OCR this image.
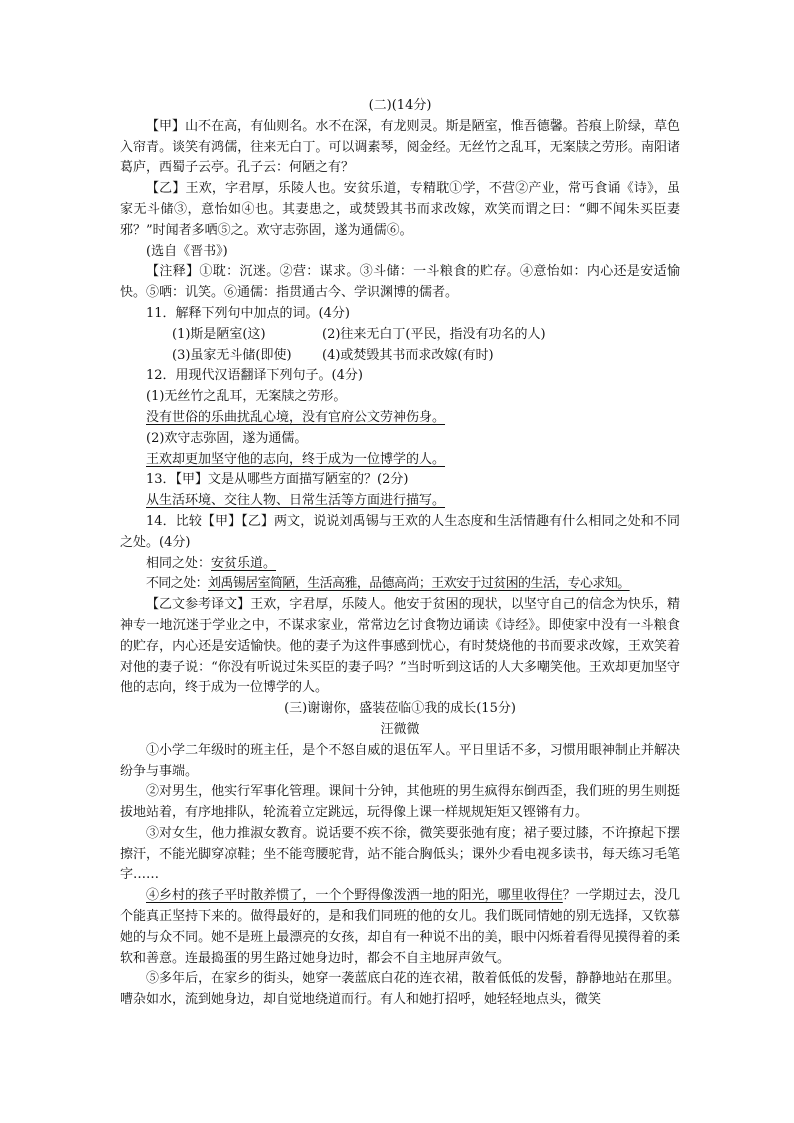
(二)(14分)

【甲】山不在高，有仙则名。水不在深，有龙则灵。斯是陋室，惟吾德馨。苔痕上阶绿，草色入帘青。谈笑有鸿儒，往来无白丁。可以调素琴，阅金经。无丝竹之乱耳，无案牍之劳形。南阳诸葛庐，西蜀子云亭。孔子云：何陋之有？

【乙】王欢，字君厚，乐陵人也。安贫乐道，专精耽①学，不营②产业，常丐食诵《诗》，虽家无斗储③，意怡如④也。其妻患之，或焚毁其书而求改嫁，欢笑而谓之曰：“卿不闻朱买臣妻邪？”时闻者多哂⑤之。欢守志弥固，遂为通儒⑥。

(选自《晋书》)

【注释】①耽：沉迷。②营：谋求。③斗储：一斗粮食的贮存。④意怡如：内心还是安适愉快。⑤哂：讥笑。⑥通儒：指贯通古今、学识渊博的儒者。

11．解释下列句中加点的词。(4分)

(1)斯是陋室(这)	(2)往来无白丁(平民，指没有功名的人)

(3)虽家无斗储(即使) (4)或焚毁其书而求改嫁(有时)

12．用现代汉语翻译下列句子。(4分)

(1)无丝竹之乱耳，无案牍之劳形。

没有世俗的乐曲扰乱心境，没有官府公文劳神伤身。

(2)欢守志弥固，遂为通儒。

王欢却更加坚守他的志向，终于成为一位博学的人。

13．【甲】文是从哪些方面描写陋室的？(2分)

从生活环境、交往人物、日常生活等方面进行描写。

14．比较【甲】【乙】两文，说说刘禹锡与王欢的人生态度和生活情趣有什么相同之处和不同之处。(4分)

相同之处：安贫乐道。

不同之处：刘禹锡居室简陋，生活高雅，品德高尚；王欢安于过贫困的生活，专心求知。

【乙文参考译文】王欢，字君厚，乐陵人。他安于贫困的现状，以坚守自己的信念为快乐，精神专一地沉迷于学业之中，不谋求家业，常常边乞讨食物边诵读《诗经》。即使家中没有一斗粮食的贮存，内心还是安适愉快。他的妻子为这件事感到忧心，有时焚烧他的书而要求改嫁，王欢笑着对他的妻子说：“你没有听说过朱买臣的妻子吗？”当时听到这话的人大多嘲笑他。王欢却更加坚守他的志向，终于成为一位博学的人。

(三)谢谢你，盛装莅临①我的成长(15分)

汪微微

①小学二年级时的班主任，是个不怒自威的退伍军人。平日里话不多，习惯用眼神制止并解决纷争与事端。

②对男生，他实行军事化管理。课间十分钟，其他班的男生疯得东倒西歪，我们班的男生则挺拔地站着，有序地排队，轮流着立定跳远，玩得像上课一样规规矩矩又铿锵有力。

③对女生，他力推淑女教育。说话要不疾不徐，微笑要张弛有度；裙子要过膝，不许撩起下摆擦汗，不能光脚穿凉鞋；坐不能弯腰驼背，站不能合胸低头；课外少看电视多读书，每天练习毛笔字……

④乡村的孩子平时散养惯了，一个个野得像泼洒一地的阳光，哪里收得住？一学期过去，没几个能真正坚持下来的。做得最好的，是和我们同班的他的女儿。我们既同情她的别无选择，又钦慕她的与众不同。她不是班上最漂亮的女孩，却自有一种说不出的美，眼中闪烁着看得见摸得着的柔软和善意。连最捣蛋的男生路过她身边时，都会不自主地屏声敛气。

⑤多年后，在家乡的街头，她穿一袭蓝底白花的连衣裙，散着低低的发髻，静静地站在那里。嘈杂如水，流到她身边，却自觉地绕道而行。有人和她打招呼，她轻轻地点头，微笑
